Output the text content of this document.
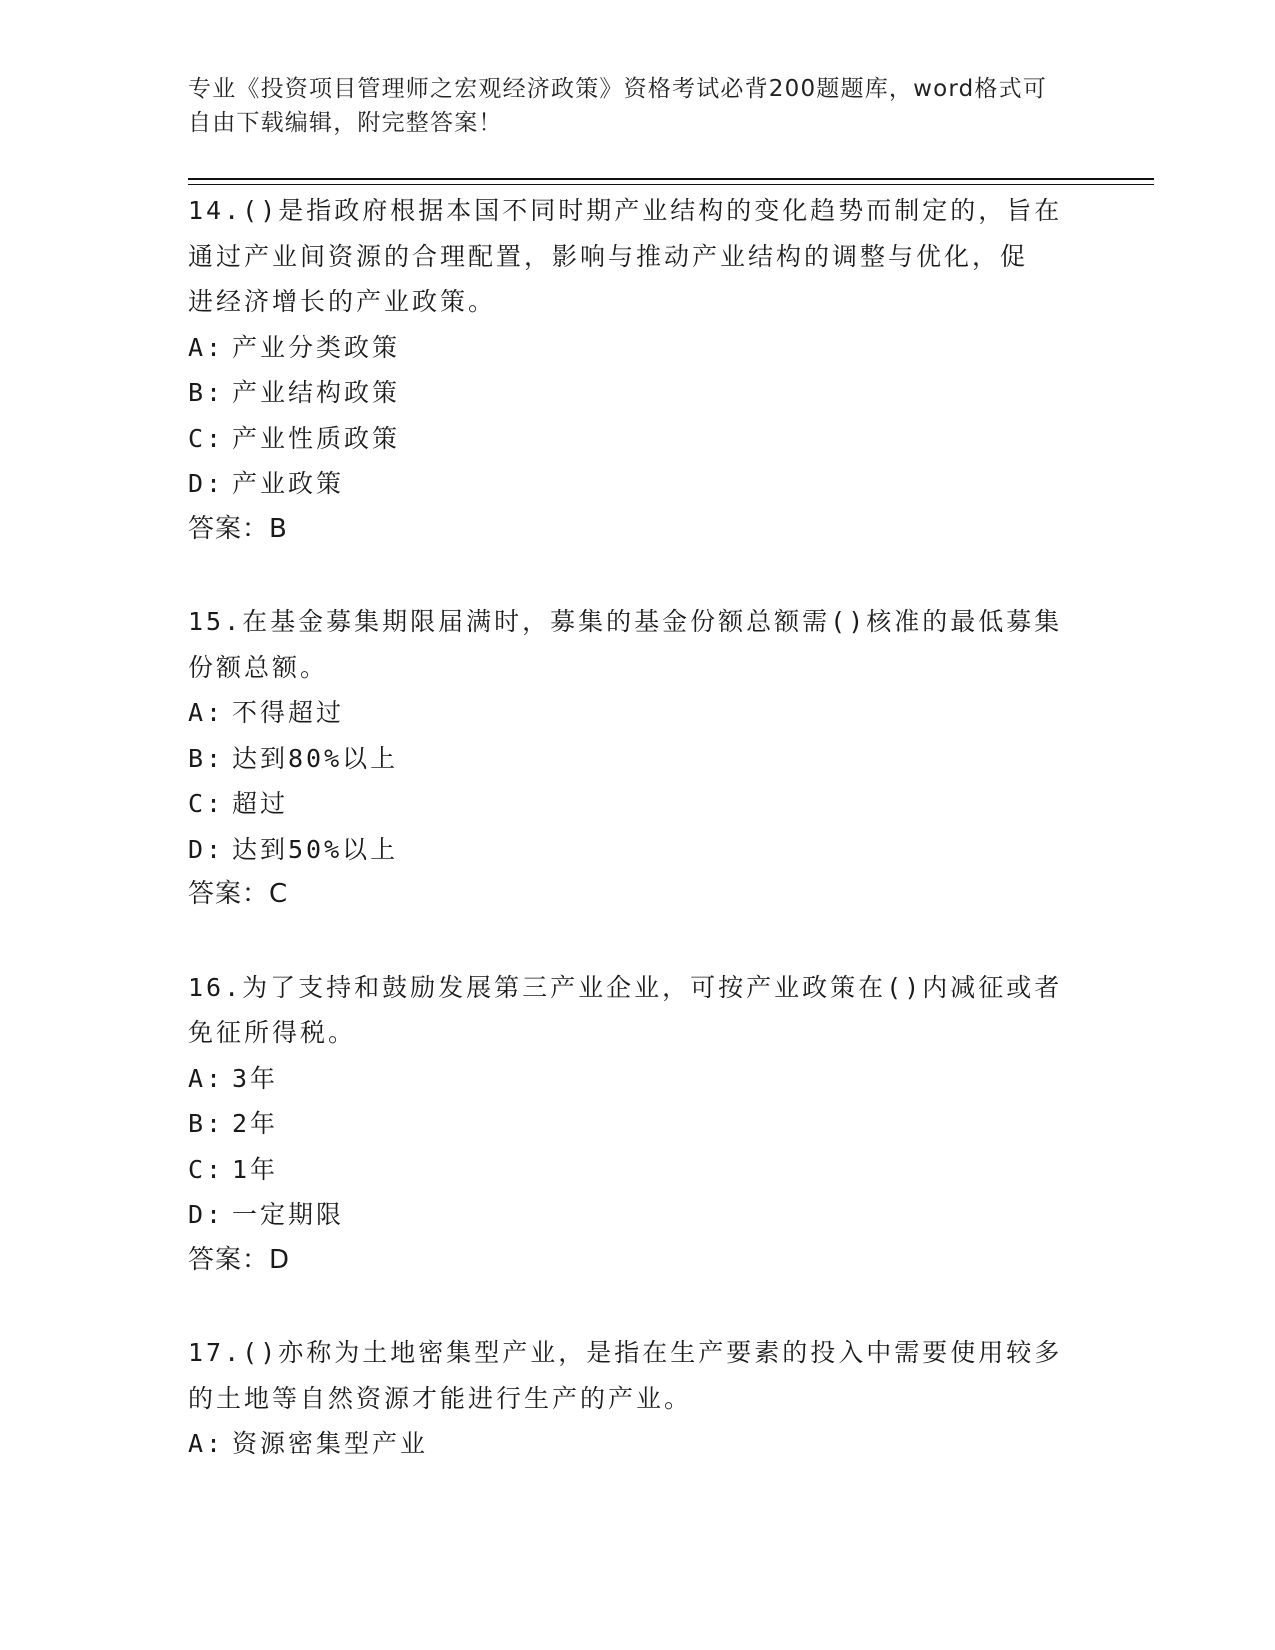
专业《投资项目管理师之宏观经济政策》资格考试必背200题题库，word格式可
自由下载编辑，附完整答案！

14.()是指政府根据本国不同时期产业结构的变化趋势而制定的，旨在

通过产业间资源的合理配置，影响与推动产业结构的调整与优化，促

进经济增长的产业政策。

A: 产业分类政策

B: 产业结构政策

C: 产业性质政策

D: 产业政策

答案：B

15.在基金募集期限届满时，募集的基金份额总额需()核准的最低募集

份额总额。

A: 不得超过

B: 达到80%以上

C: 超过

D: 达到50%以上

答案：C

16.为了支持和鼓励发展第三产业企业，可按产业政策在()内减征或者

免征所得税。

A: 3年

B: 2年

C: 1年

D: 一定期限

答案：D

17.()亦称为土地密集型产业，是指在生产要素的投入中需要使用较多

的土地等自然资源才能进行生产的产业。

A: 资源密集型产业
